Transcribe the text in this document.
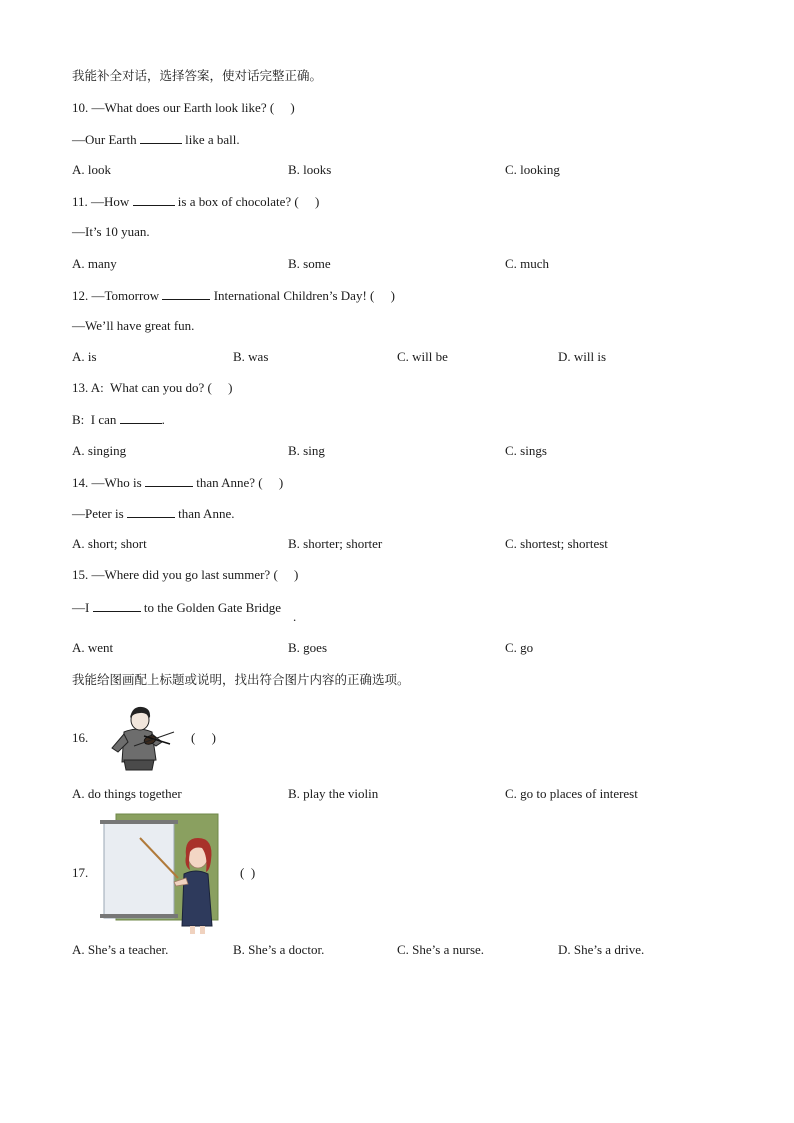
我能补全对话，选择答案，使对话完整正确。
10. —What does our Earth look like? ( )
—Our Earth	like a ball.
A. look	B. looks	C. looking
11. —How	is a box of chocolate? (     )
—It’s 10 yuan.
A. many	B. some	C. much
12. —Tomorrow	International Children’s Day! (     )
—We’ll have great fun.
A. is	B. was	C. will be	D. will is
13. A:  What can you do? (     )
B:  I can	.
A. singing	B. sing	C. sings
14. —Who is	than Anne? (     )
—Peter is	than Anne.
A. short; short	B. shorter; shorter	C. shortest; shortest
15. —Where did you go last summer? (     )
—I	to the Golden Gate Bridge
.
A. went	B. goes	C. go
我能给图画配上标题或说明，找出符合图片内容的正确选项。
16.	(     )
A. do things together	B. play the violin	C. go to places of interest
17.	(  )
A. She’s a teacher.	B. She’s a doctor.	C. She’s a nurse.	D. She’s a drive.
